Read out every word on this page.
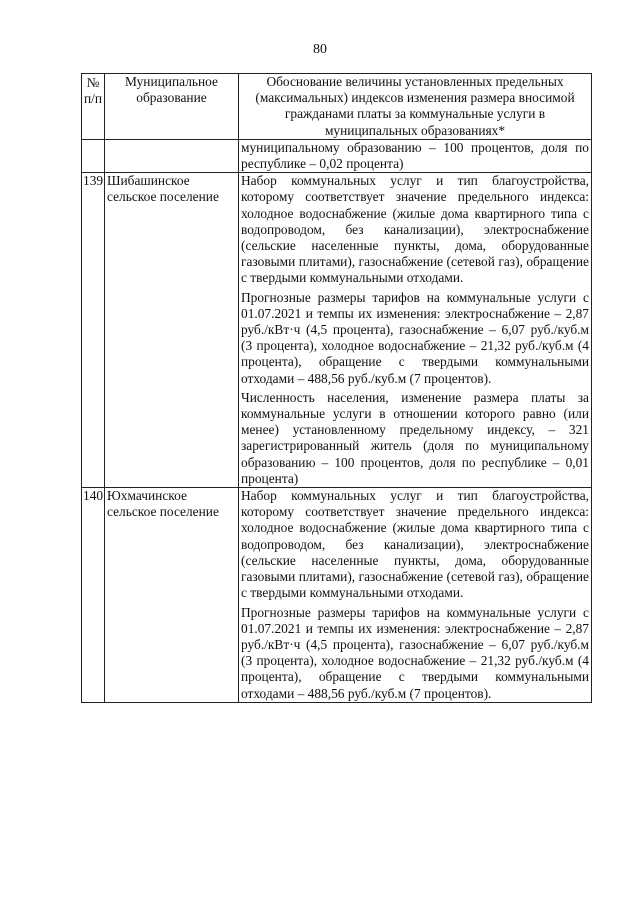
80
№ п/п	Муниципальное образование	Обоснование величины установленных предельных (максимальных) индексов изменения размера вносимой гражданами платы за коммунальные услуги в муниципальных образованиях*
		муниципальному образованию – 100 процентов, доля по республике – 0,02 процента)
139	Шибашинское сельское поселение	Набор коммунальных услуг и тип благоустройства, которому соответствует значение предельного индекса: холодное водоснабжение (жилые дома квартирного типа с водопроводом, без канализации), электроснабжение (сельские населенные пункты, дома, оборудованные газовыми плитами), газоснабжение (сетевой газ), обращение с твердыми коммунальными отходами.

Прогнозные размеры тарифов на коммунальные услуги с 01.07.2021 и темпы их изменения: электроснабжение – 2,87 руб./кВт·ч (4,5 процента), газоснабжение – 6,07 руб./куб.м (3 процента), холодное водоснабжение – 21,32 руб./куб.м (4 процента), обращение с твердыми коммунальными отходами – 488,56 руб./куб.м (7 процентов).

Численность населения, изменение размера платы за коммунальные услуги в отношении которого равно (или менее) установленному предельному индексу, – 321 зарегистрированный житель (доля по муниципальному образованию – 100 процентов, доля по республике – 0,01 процента)

140	Юхмачинское сельское поселение	Набор коммунальных услуг и тип благоустройства, которому соответствует значение предельного индекса: холодное водоснабжение (жилые дома квартирного типа с водопроводом, без канализации), электроснабжение (сельские населенные пункты, дома, оборудованные газовыми плитами), газоснабжение (сетевой газ), обращение с твердыми коммунальными отходами.

Прогнозные размеры тарифов на коммунальные услуги с 01.07.2021 и темпы их изменения: электроснабжение – 2,87 руб./кВт·ч (4,5 процента), газоснабжение – 6,07 руб./куб.м (3 процента), холодное водоснабжение – 21,32 руб./куб.м (4 процента), обращение с твердыми коммунальными отходами – 488,56 руб./куб.м (7 процентов).
